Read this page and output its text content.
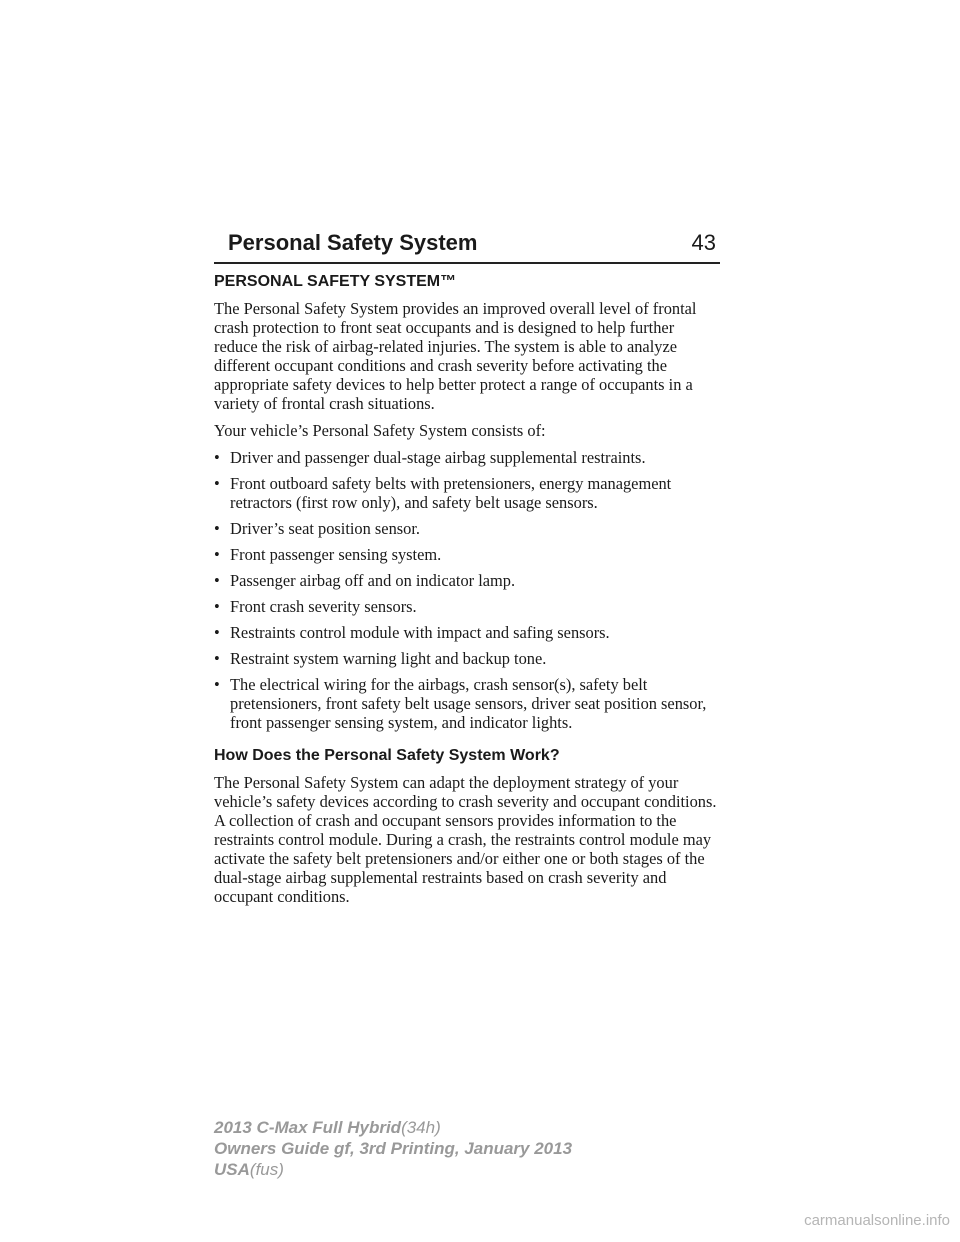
Personal Safety System	43
PERSONAL SAFETY SYSTEM™

The Personal Safety System provides an improved overall level of frontal crash protection to front seat occupants and is designed to help further reduce the risk of airbag-related injuries. The system is able to analyze different occupant conditions and crash severity before activating the appropriate safety devices to help better protect a range of occupants in a variety of frontal crash situations.

Your vehicle’s Personal Safety System consists of:

• Driver and passenger dual-stage airbag supplemental restraints.
• Front outboard safety belts with pretensioners, energy management retractors (first row only), and safety belt usage sensors.
• Driver’s seat position sensor.
• Front passenger sensing system.
• Passenger airbag off and on indicator lamp.
• Front crash severity sensors.
• Restraints control module with impact and safing sensors.
• Restraint system warning light and backup tone.
• The electrical wiring for the airbags, crash sensor(s), safety belt pretensioners, front safety belt usage sensors, driver seat position sensor, front passenger sensing system, and indicator lights.
How Does the Personal Safety System Work?

The Personal Safety System can adapt the deployment strategy of your vehicle’s safety devices according to crash severity and occupant conditions. A collection of crash and occupant sensors provides information to the restraints control module. During a crash, the restraints control module may activate the safety belt pretensioners and/or either one or both stages of the dual-stage airbag supplemental restraints based on crash severity and occupant conditions.

2013 C-Max Full Hybrid(34h)
Owners Guide gf, 3rd Printing, January 2013
USA(fus)
carmanualsonline.info
